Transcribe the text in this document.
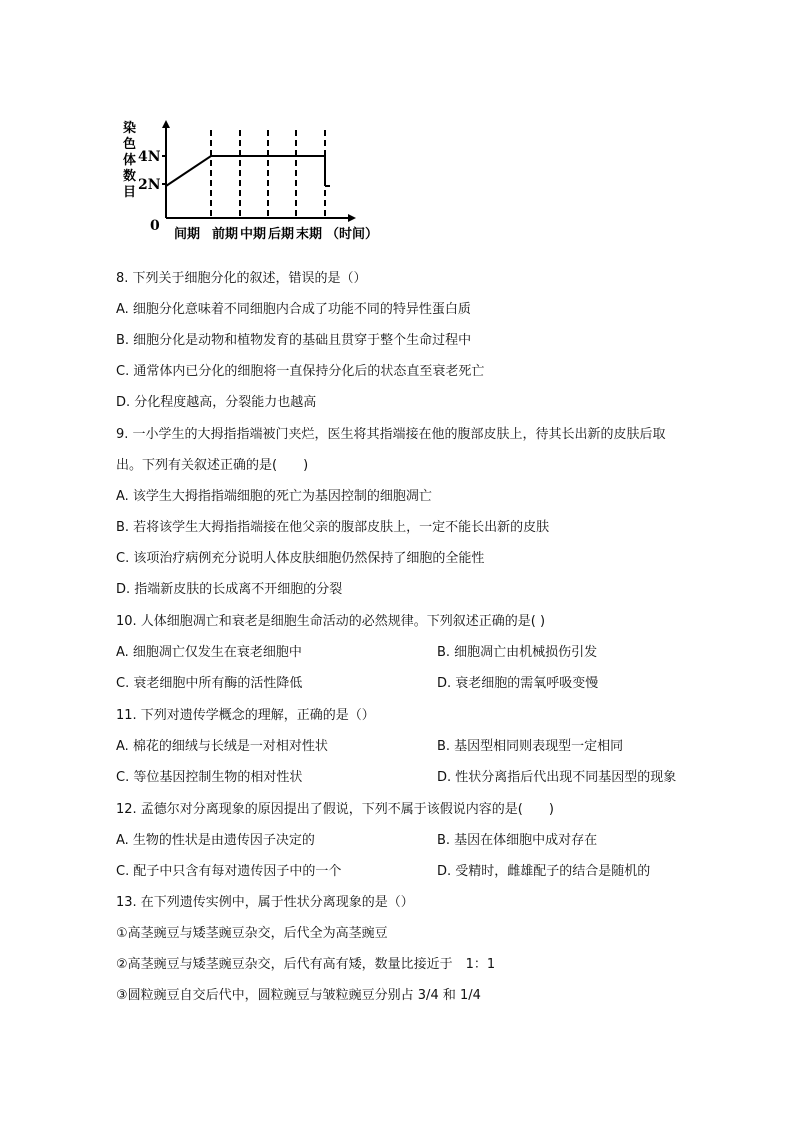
染
色
体
数
目
4N
2N
0
间期 前期 中期 后期 末期 （时间）
8. 下列关于细胞分化的叙述，错误的是（）
A. 细胞分化意味着不同细胞内合成了功能不同的特异性蛋白质
B. 细胞分化是动物和植物发育的基础且贯穿于整个生命过程中
C. 通常体内已分化的细胞将一直保持分化后的状态直至衰老死亡
D. 分化程度越高，分裂能力也越高
9. 一小学生的大拇指指端被门夹烂，医生将其指端接在他的腹部皮肤上，待其长出新的皮肤后取
出。下列有关叙述正确的是(　　)
A. 该学生大拇指指端细胞的死亡为基因控制的细胞凋亡
B. 若将该学生大拇指指端接在他父亲的腹部皮肤上，一定不能长出新的皮肤
C. 该项治疗病例充分说明人体皮肤细胞仍然保持了细胞的全能性
D. 指端新皮肤的长成离不开细胞的分裂
10. 人体细胞凋亡和衰老是细胞生命活动的必然规律。下列叙述正确的是( )
A. 细胞凋亡仅发生在衰老细胞中	B. 细胞凋亡由机械损伤引发
C. 衰老细胞中所有酶的活性降低	D. 衰老细胞的需氧呼吸变慢
11. 下列对遗传学概念的理解，正确的是（）
A. 棉花的细绒与长绒是一对相对性状	B. 基因型相同则表现型一定相同
C. 等位基因控制生物的相对性状	D. 性状分离指后代出现不同基因型的现象
12. 孟德尔对分离现象的原因提出了假说，下列不属于该假说内容的是(　　)
A. 生物的性状是由遗传因子决定的	B. 基因在体细胞中成对存在
C. 配子中只含有每对遗传因子中的一个	D. 受精时，雌雄配子的结合是随机的
13. 在下列遗传实例中，属于性状分离现象的是（）
①高茎豌豆与矮茎豌豆杂交，后代全为高茎豌豆
②高茎豌豆与矮茎豌豆杂交，后代有高有矮，数量比接近于　1：1
③圆粒豌豆自交后代中，圆粒豌豆与皱粒豌豆分别占 3/4 和 1/4
